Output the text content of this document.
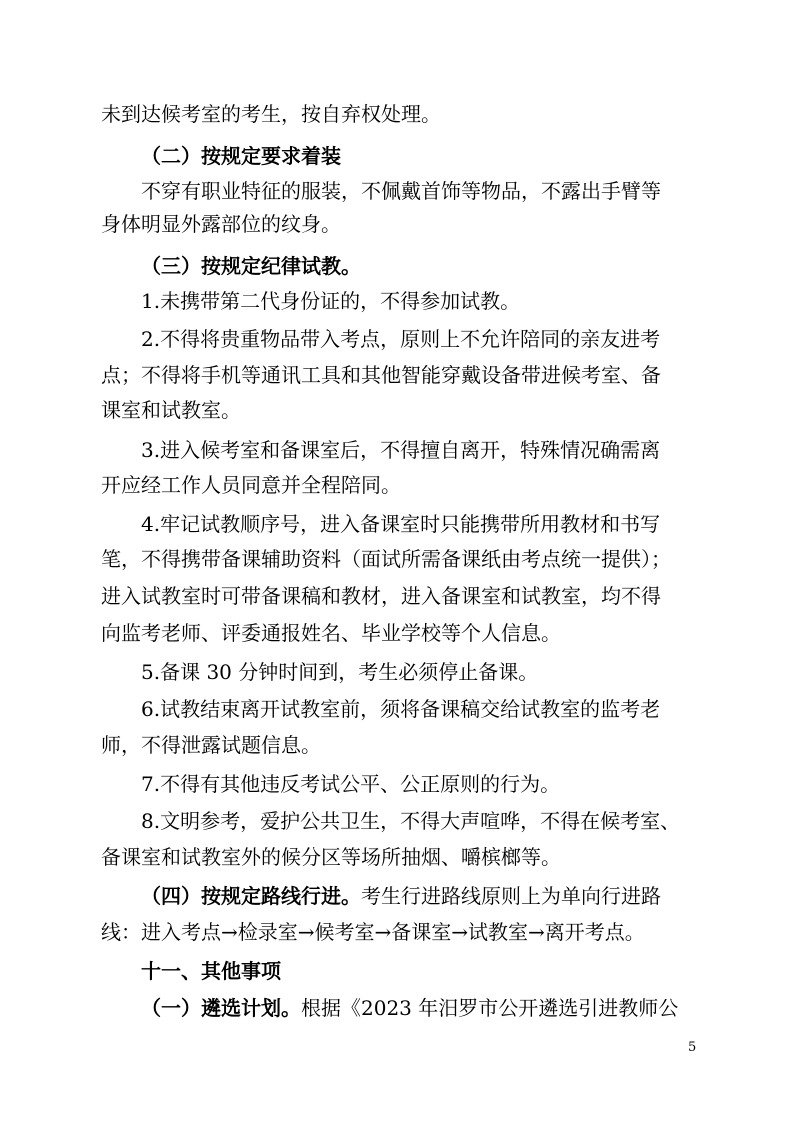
未到达候考室的考生，按自弃权处理。
（二）按规定要求着装
不穿有职业特征的服装，不佩戴首饰等物品，不露出手臂等
身体明显外露部位的纹身。
（三）按规定纪律试教。
1.未携带第二代身份证的，不得参加试教。
2.不得将贵重物品带入考点，原则上不允许陪同的亲友进考
点；不得将手机等通讯工具和其他智能穿戴设备带进候考室、备
课室和试教室。
3.进入候考室和备课室后，不得擅自离开，特殊情况确需离
开应经工作人员同意并全程陪同。
4.牢记试教顺序号，进入备课室时只能携带所用教材和书写
笔，不得携带备课辅助资料（面试所需备课纸由考点统一提供）；
进入试教室时可带备课稿和教材，进入备课室和试教室，均不得
向监考老师、评委通报姓名、毕业学校等个人信息。
5.备课 30 分钟时间到，考生必须停止备课。
6.试教结束离开试教室前，须将备课稿交给试教室的监考老
师，不得泄露试题信息。
7.不得有其他违反考试公平、公正原则的行为。
8.文明参考，爱护公共卫生，不得大声喧哗，不得在候考室、
备课室和试教室外的候分区等场所抽烟、嚼槟榔等。
（四）按规定路线行进。考生行进路线原则上为单向行进路
线：进入考点→检录室→候考室→备课室→试教室→离开考点。
十一、其他事项
（一）遴选计划。根据《2023 年汨罗市公开遴选引进教师公
5
